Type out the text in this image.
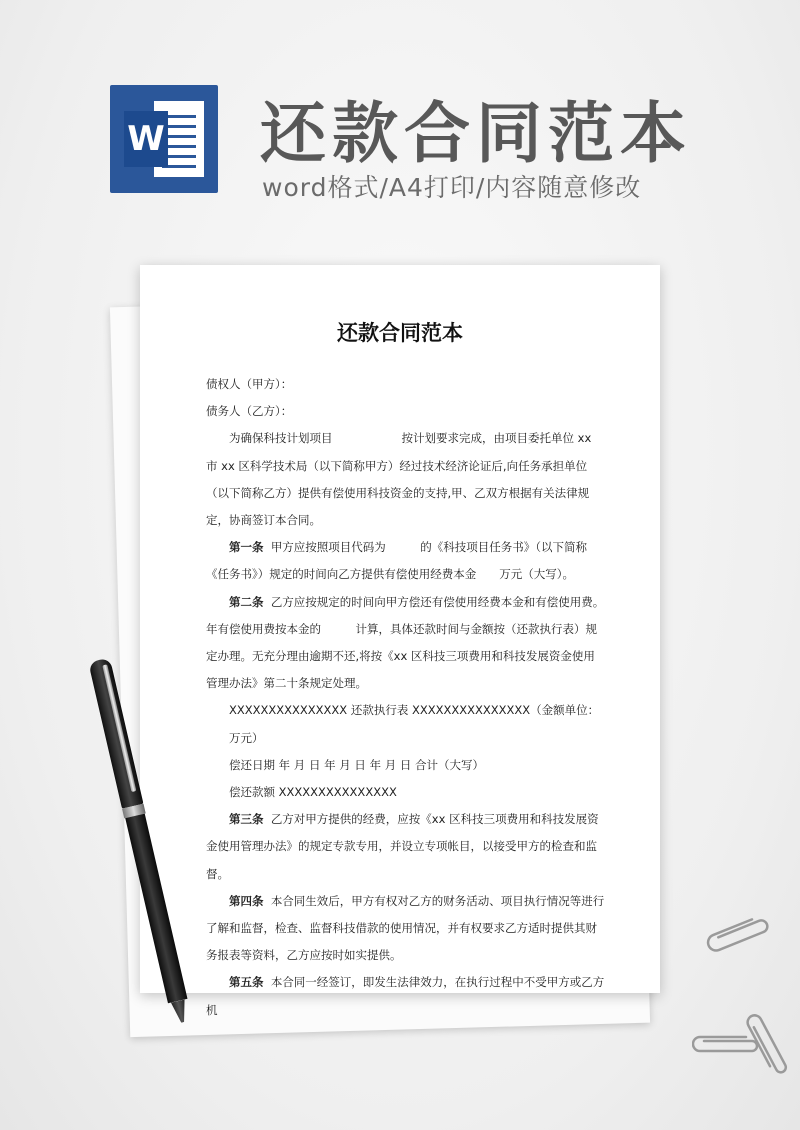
W 还款合同范本
word格式/A4打印/内容随意修改
还款合同范本

债权人（甲方）：

债务人（乙方）：

为确保科技计划项目　　　　　　按计划要求完成，由项目委托单位 xx 市 xx 区科学技术局（以下简称甲方）经过技术经济论证后,向任务承担单位　　　　　　　　　　　（以下简称乙方）提供有偿使用科技资金的支持,甲、乙双方根据有关法律规定，协商签订本合同。

第一条 甲方应按照项目代码为　　　的《科技项目任务书》（以下简称《任务书》）规定的时间向乙方提供有偿使用经费本金　　万元（大写）。

第二条 乙方应按规定的时间向甲方偿还有偿使用经费本金和有偿使用费。年有偿使用费按本金的　　　计算，具体还款时间与金额按（还款执行表）规定办理。无充分理由逾期不还,将按《xx 区科技三项费用和科技发展资金使用管理办法》第二十条规定处理。

XXXXXXXXXXXXXXX 还款执行表 XXXXXXXXXXXXXXX（金额单位：万元）

偿还日期 年 月 日 年 月 日 年 月 日 合计（大写）

偿还款额 XXXXXXXXXXXXXXX

第三条 乙方对甲方提供的经费，应按《xx 区科技三项费用和科技发展资金使用管理办法》的规定专款专用，并设立专项帐目，以接受甲方的检查和监督。

第四条 本合同生效后，甲方有权对乙方的财务活动、项目执行情况等进行了解和监督，检查、监督科技借款的使用情况，并有权要求乙方适时提供其财务报表等资料，乙方应按时如实提供。

第五条 本合同一经签订，即发生法律效力，在执行过程中不受甲方或乙方机
